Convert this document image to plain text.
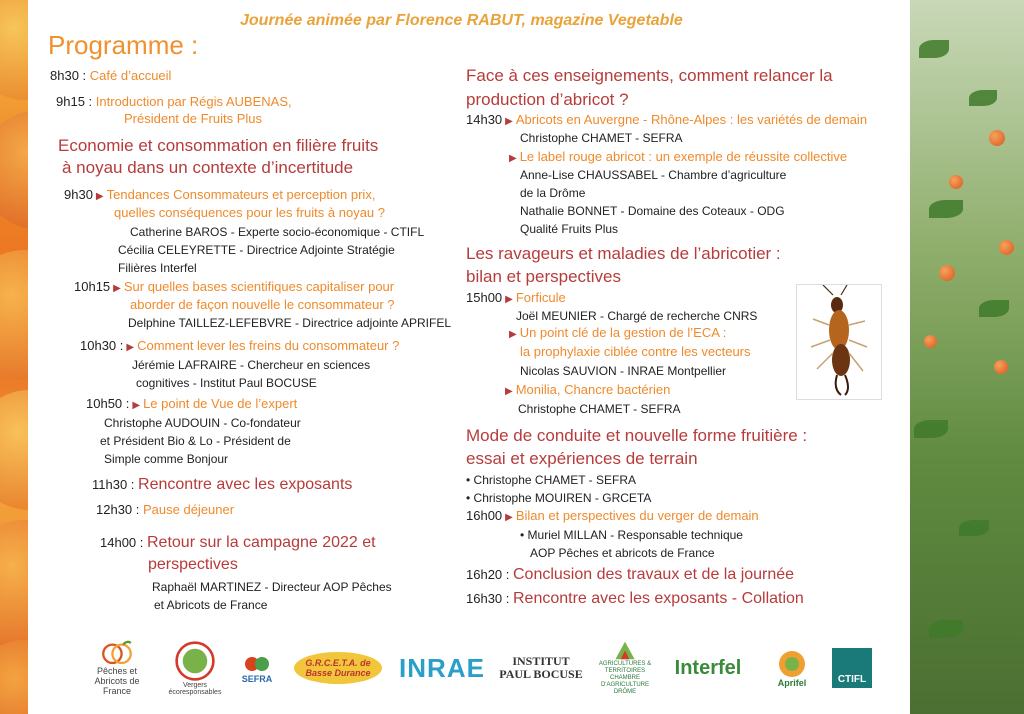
Journée animée par Florence RABUT, magazine Vegetable
Programme :
8h30 : Café d’accueil
9h15 : Introduction par Régis AUBENAS,
Président de Fruits Plus
Economie et consommation en filière fruits
à noyau dans un contexte d’incertitude
9h30 ▶ Tendances Consommateurs et perception prix,
quelles conséquences pour les fruits à noyau ?
Catherine BAROS - Experte socio-économique - CTIFL
Cécilia CELEYRETTE - Directrice Adjointe Stratégie
Filières Interfel
10h15 ▶ Sur quelles bases scientifiques capitaliser pour
aborder de façon nouvelle le consommateur ?
Delphine TAILLEZ-LEFEBVRE - Directrice adjointe APRIFEL
10h30 : ▶ Comment lever les freins du consommateur ?
Jérémie LAFRAIRE - Chercheur en sciences
cognitives - Institut Paul BOCUSE
10h50 : ▶ Le point de Vue de l’expert
Christophe AUDOUIN - Co-fondateur
et Président Bio & Lo - Président de
Simple comme Bonjour
11h30 : Rencontre avec les exposants
12h30 : Pause déjeuner
14h00 : Retour sur la campagne 2022 et
perspectives
Raphaël MARTINEZ - Directeur AOP Pêches
et Abricots de France
Face à ces enseignements, comment relancer la
production d’abricot ?
14h30 ▶ Abricots en Auvergne - Rhône-Alpes : les variétés de demain
Christophe CHAMET - SEFRA
▶ Le label rouge abricot : un exemple de réussite collective
Anne-Lise CHAUSSABEL - Chambre d’agriculture
de la Drôme
Nathalie BONNET - Domaine des Coteaux - ODG
Qualité Fruits Plus
Les ravageurs et maladies de l’abricotier :
bilan et perspectives
15h00 ▶ Forficule
Joël MEUNIER - Chargé de recherche CNRS
▶ Un point clé de la gestion de l’ECA :
la prophylaxie ciblée contre les vecteurs
Nicolas SAUVION - INRAE Montpellier
▶ Monilia, Chancre bactérien
Christophe CHAMET - SEFRA
Mode de conduite et nouvelle forme fruitière :
essai et expériences de terrain
• Christophe CHAMET - SEFRA
• Christophe MOUIREN - GRCETA
16h00 ▶ Bilan et perspectives du verger de demain
• Muriel MILLAN - Responsable technique
AOP Pêches et abricots de France
16h20 : Conclusion des travaux et de la journée
16h30 : Rencontre avec les exposants - Collation
Pêches et Abricots de France
Vergers écoresponsables
SEFRA
G.R.C.E.T.A. de Basse Durance	INRAE	INSTITUT PAUL BOCUSE
AGRICULTURES & TERRITOIRES CHAMBRE D'AGRICULTURE DRÔME
Interfel
Aprifel	CTIFL
